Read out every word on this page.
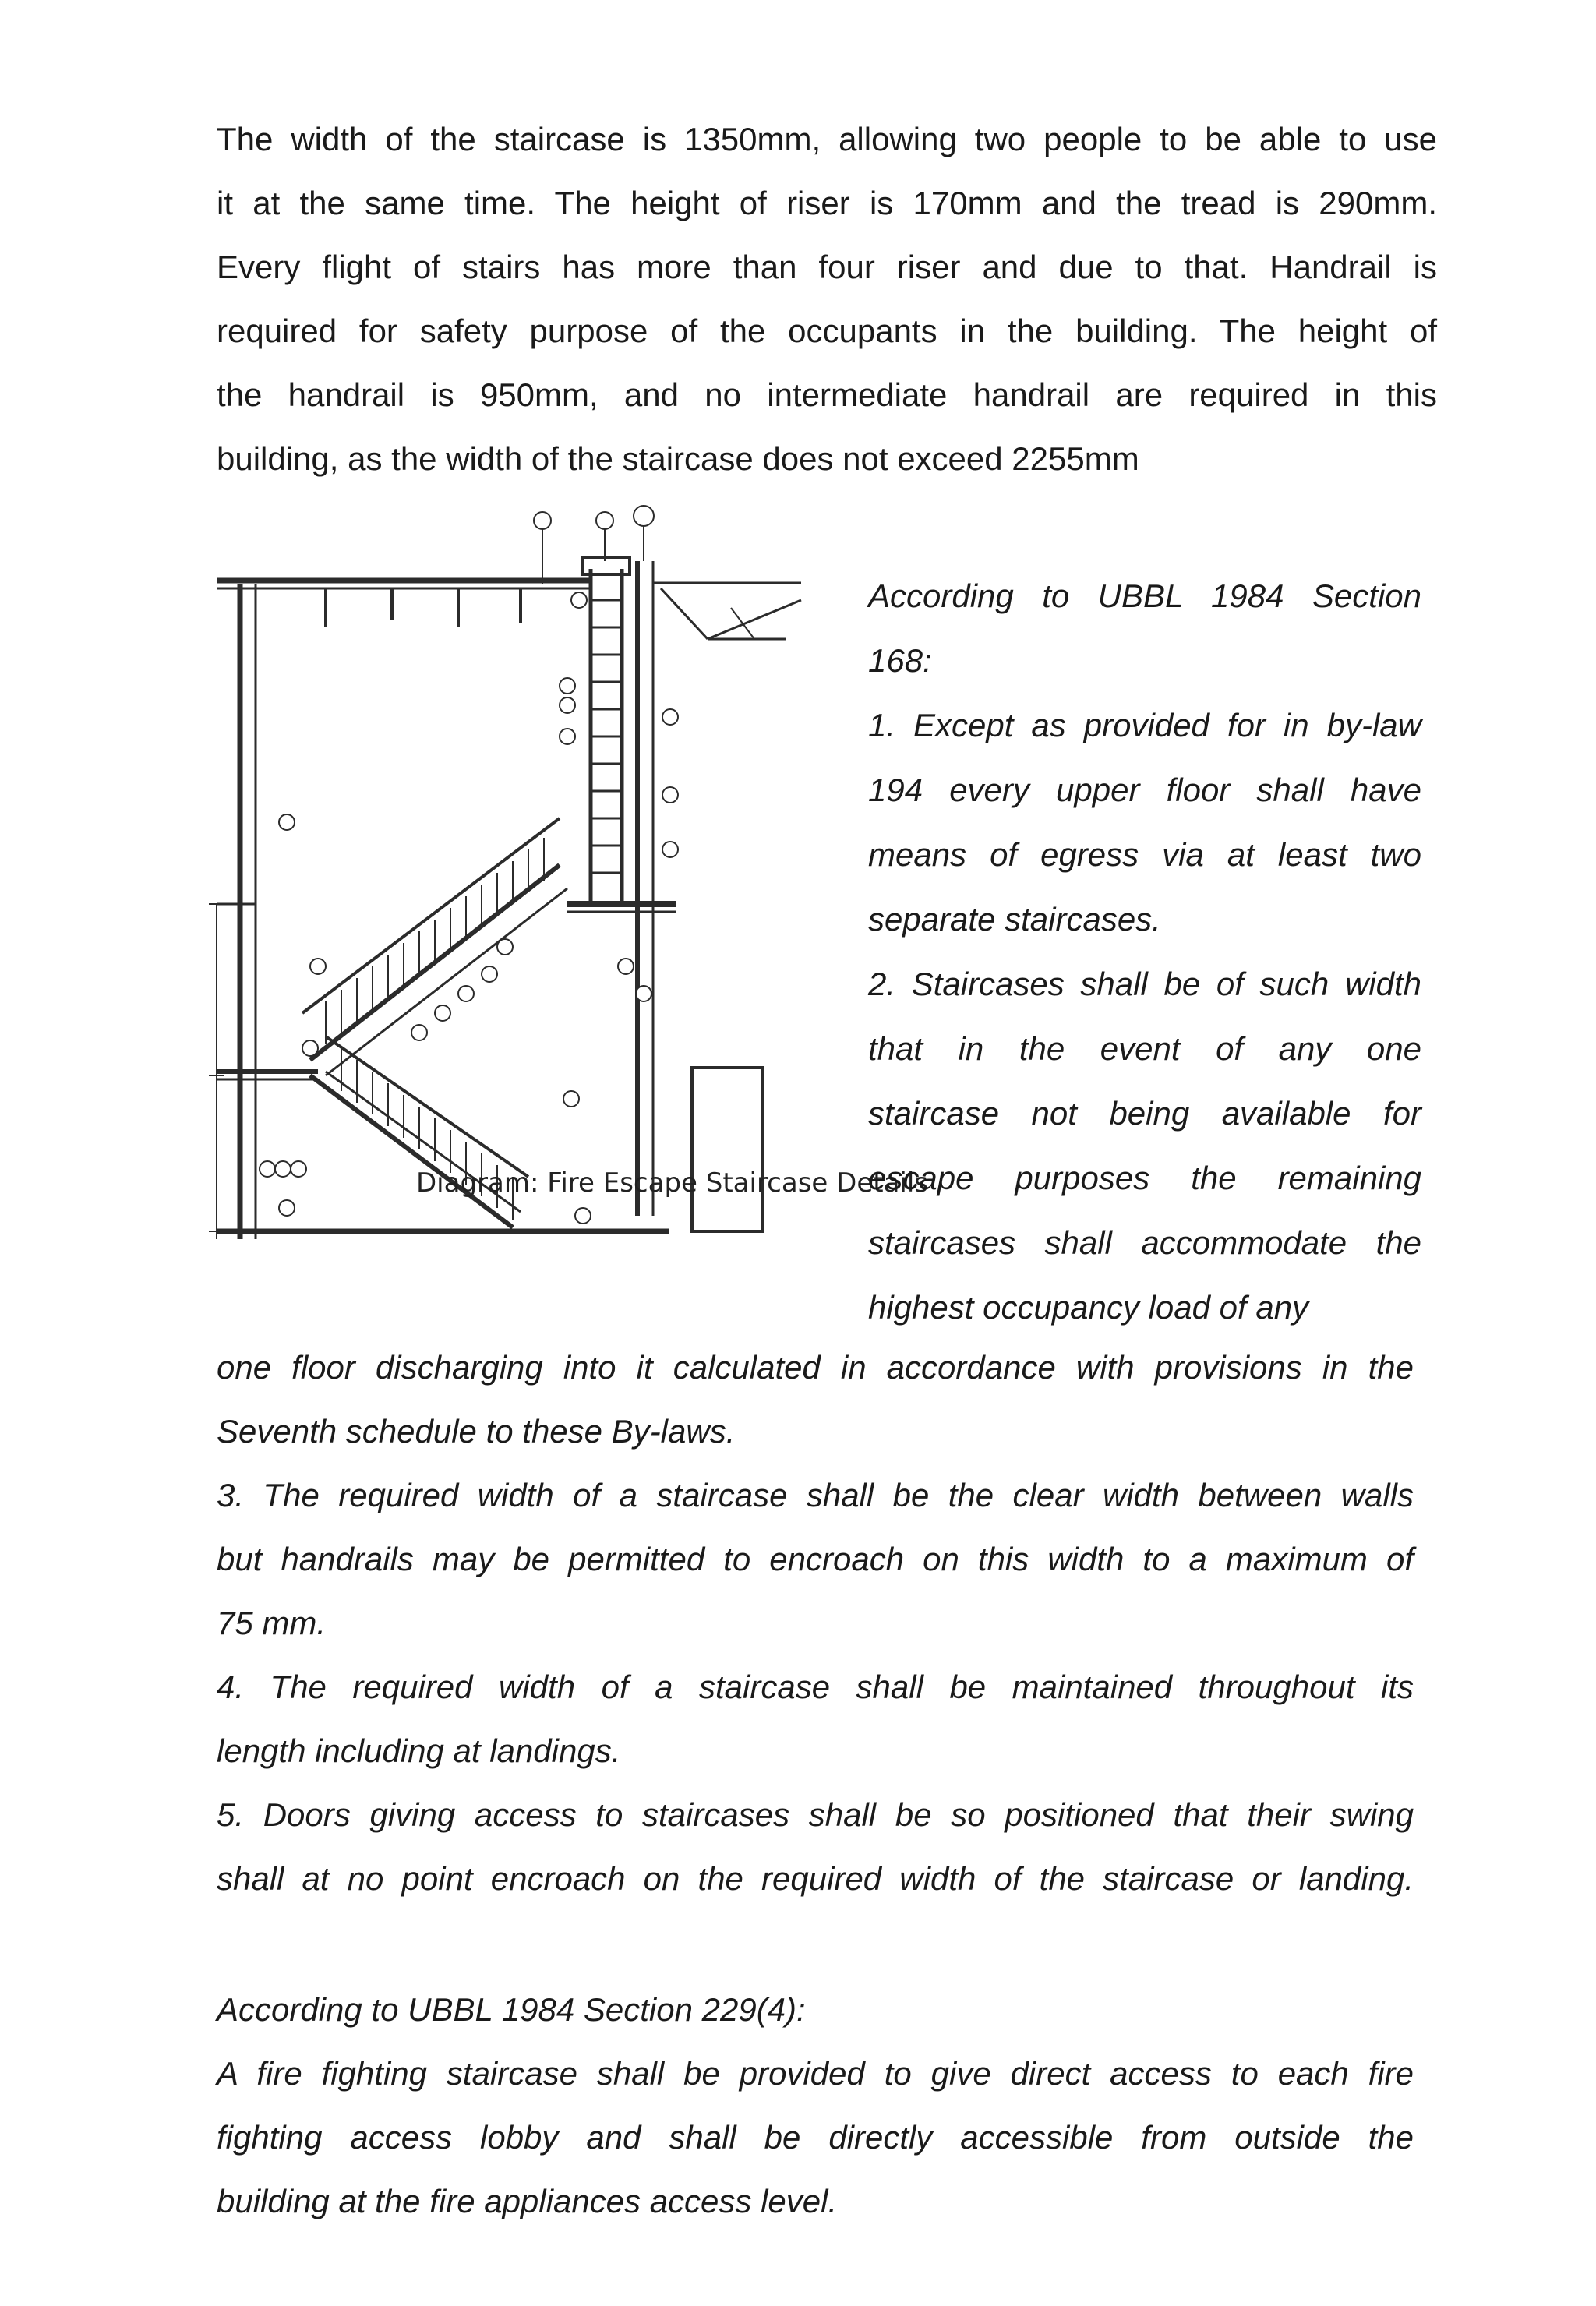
The width of the staircase is 1350mm, allowing two people to be able to use
it at the same time. The height of riser is 170mm and the tread is 290mm.
Every flight of stairs has more than four riser and due to that. Handrail is
required for safety purpose of the occupants in the building. The height of
the handrail is 950mm, and no intermediate handrail are required in this
building, as the width of the staircase does not exceed 2255mm
Diagram: Fire Escape Staircase Details
According to UBBL 1984 Section
168:
1. Except as provided for in by-law
194 every upper floor shall have
means of egress via at least two
separate staircases.
2. Staircases shall be of such width
that in the event of any one
staircase not being available for
escape purposes the remaining
staircases shall accommodate the
highest occupancy load of any
one floor discharging into it calculated in accordance with provisions in the
Seventh schedule to these By-laws.
3. The required width of a staircase shall be the clear width between walls
but handrails may be permitted to encroach on this width to a maximum of
75 mm.
4. The required width of a staircase shall be maintained throughout its
length including at landings.
5. Doors giving access to staircases shall be so positioned that their swing
shall at no point encroach on the required width of the staircase or landing.
According to UBBL 1984 Section 229(4):
A fire fighting staircase shall be provided to give direct access to each fire
fighting access lobby and shall be directly accessible from outside the
building at the fire appliances access level.
